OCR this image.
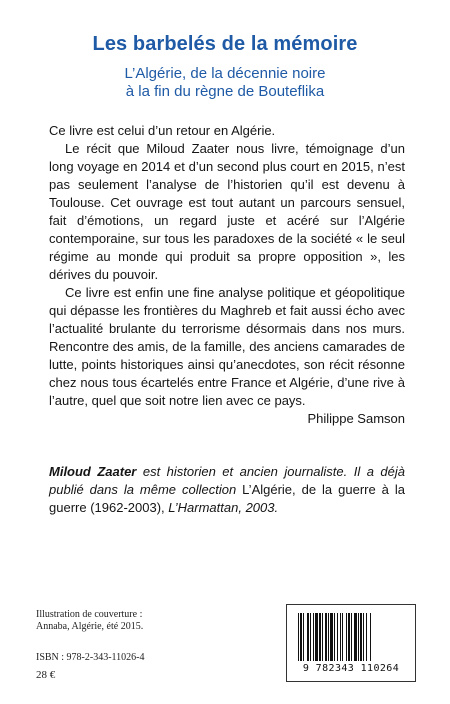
Les barbelés de la mémoire
L’Algérie, de la décennie noire
à la fin du règne de Bouteflika

Ce livre est celui d’un retour en Algérie.

Le récit que Miloud Zaater nous livre, témoignage d’un long voyage en 2014 et d’un second plus court en 2015, n’est pas seulement l’analyse de l’historien qu’il est devenu à Toulouse. Cet ouvrage est tout autant un parcours sensuel, fait d’émotions, un regard juste et acéré sur l’Algérie contemporaine, sur tous les paradoxes de la société « le seul régime au monde qui produit sa propre opposition », les dérives du pouvoir.

Ce livre est enfin une fine analyse politique et géopolitique qui dépasse les frontières du Maghreb et fait aussi écho avec l’actualité brulante du terrorisme désormais dans nos murs. Rencontre des amis, de la famille, des anciens camarades de lutte, points historiques ainsi qu’anecdotes, son récit résonne chez nous tous écartelés entre France et Algérie, d’une rive à l’autre, quel que soit notre lien avec ce pays.

Philippe Samson

Miloud Zaater est historien et ancien journaliste. Il a déjà publié dans la même collection L’Algérie, de la guerre à la guerre (1962-2003), L’Harmattan, 2003.
Illustration de couverture :
Annaba, Algérie, été 2015.
ISBN : 978-2-343-11026-4
28 €
9 782343 110264
